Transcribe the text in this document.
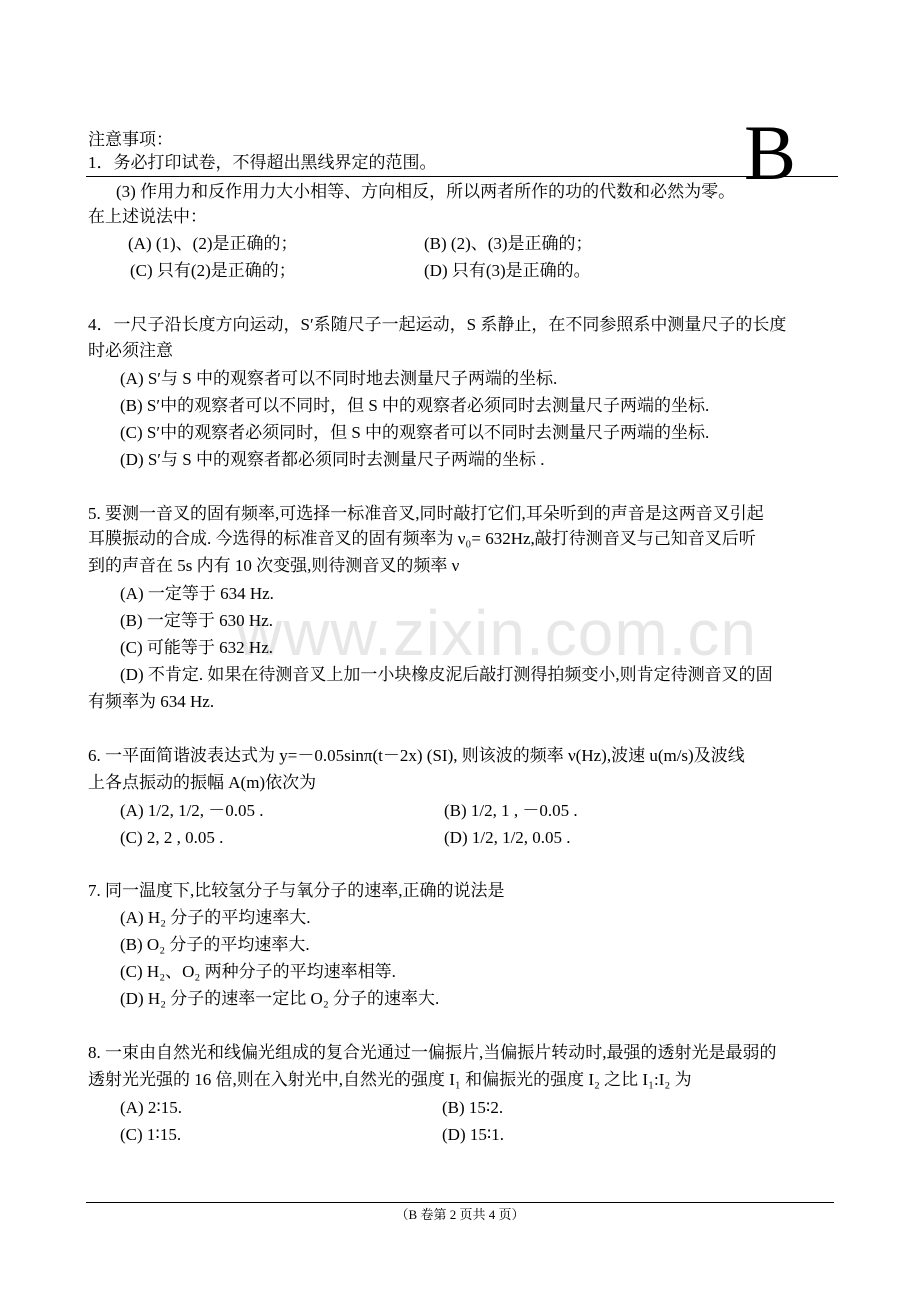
注意事项：
1．务必打印试卷，不得超出黑线界定的范围。	B
www.zixin.com.cn
(3) 作用力和反作用力大小相等、方向相反，所以两者所作的功的代数和必然为零。
在上述说法中：
(A) (1)、(2)是正确的；	(B) (2)、(3)是正确的；
(C) 只有(2)是正确的；	(D) 只有(3)是正确的。
4．一尺子沿长度方向运动，S′系随尺子一起运动，S 系静止，在不同参照系中测量尺子的长度
时必须注意
(A) S′与 S 中的观察者可以不同时地去测量尺子两端的坐标.
(B) S′中的观察者可以不同时，但 S 中的观察者必须同时去测量尺子两端的坐标.
(C) S′中的观察者必须同时，但 S 中的观察者可以不同时去测量尺子两端的坐标.
(D) S′与 S 中的观察者都必须同时去测量尺子两端的坐标 .
5. 要测一音叉的固有频率,可选择一标准音叉,同时敲打它们,耳朵听到的声音是这两音叉引起
耳膜振动的合成. 今选得的标准音叉的固有频率为 ν₀= 632Hz,敲打待测音叉与己知音叉后听
到的声音在 5s 内有 10 次变强,则待测音叉的频率 ν
(A) 一定等于 634 Hz.
(B) 一定等于 630 Hz.
(C) 可能等于 632 Hz.
(D) 不肯定. 如果在待测音叉上加一小块橡皮泥后敲打测得拍频变小,则肯定待测音叉的固
有频率为 634 Hz.
6. 一平面简谐波表达式为 y=－0.05sinπ(t－2x) (SI), 则该波的频率 ν(Hz),波速 u(m/s)及波线
上各点振动的振幅 A(m)依次为
(A) 1/2, 1/2, －0.05 .	(B) 1/2, 1 , －0.05 .
(C) 2, 2 , 0.05 .	(D) 1/2, 1/2, 0.05 .
7. 同一温度下,比较氢分子与氧分子的速率,正确的说法是
(A) H₂ 分子的平均速率大.
(B) O₂ 分子的平均速率大.
(C) H₂、O₂ 两种分子的平均速率相等.
(D) H₂ 分子的速率一定比 O₂ 分子的速率大.
8. 一束由自然光和线偏光组成的复合光通过一偏振片,当偏振片转动时,最强的透射光是最弱的
透射光光强的 16 倍,则在入射光中,自然光的强度 I₁ 和偏振光的强度 I₂ 之比 I₁:I₂ 为
(A) 2∶15.	(B) 15∶2.
(C) 1∶15.	(D) 15∶1.
（B 卷第 2 页共 4 页）
